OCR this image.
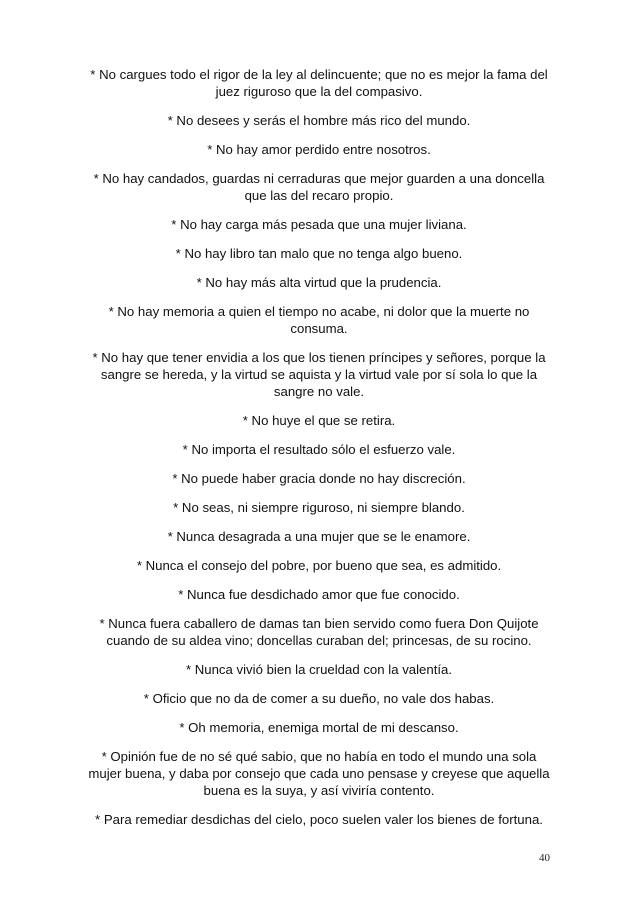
* No cargues todo el rigor de la ley al delincuente; que no es mejor la fama del juez riguroso que la del compasivo.
* No desees y serás el hombre más rico del mundo.
* No hay amor perdido entre nosotros.
* No hay candados, guardas ni cerraduras que mejor guarden a una doncella que las del recaro propio.
* No hay carga más pesada que una mujer liviana.
* No hay libro tan malo que no tenga algo bueno.
* No hay más alta virtud que la prudencia.
* No hay memoria a quien el tiempo no acabe, ni dolor que la muerte no consuma.
* No hay que tener envidia a los que los tienen príncipes y señores, porque la sangre se hereda, y la virtud se aquista y la virtud vale por sí sola lo que la sangre no vale.
* No huye el que se retira.
* No importa el resultado sólo el esfuerzo vale.
* No puede haber gracia donde no hay discreción.
* No seas, ni siempre riguroso, ni siempre blando.
* Nunca desagrada a una mujer que se le enamore.
* Nunca el consejo del pobre, por bueno que sea, es admitido.
* Nunca fue desdichado amor que fue conocido.
* Nunca fuera caballero de damas tan bien servido como fuera Don Quijote cuando de su aldea vino; doncellas curaban del; princesas, de su rocino.
* Nunca vivió bien la crueldad con la valentía.
* Oficio que no da de comer a su dueño, no vale dos habas.
* Oh memoria, enemiga mortal de mi descanso.
* Opinión fue de no sé qué sabio, que no había en todo el mundo una sola mujer buena, y daba por consejo que cada uno pensase y creyese que aquella buena es la suya, y así viviría contento.
* Para remediar desdichas del cielo, poco suelen valer los bienes de fortuna.
40
